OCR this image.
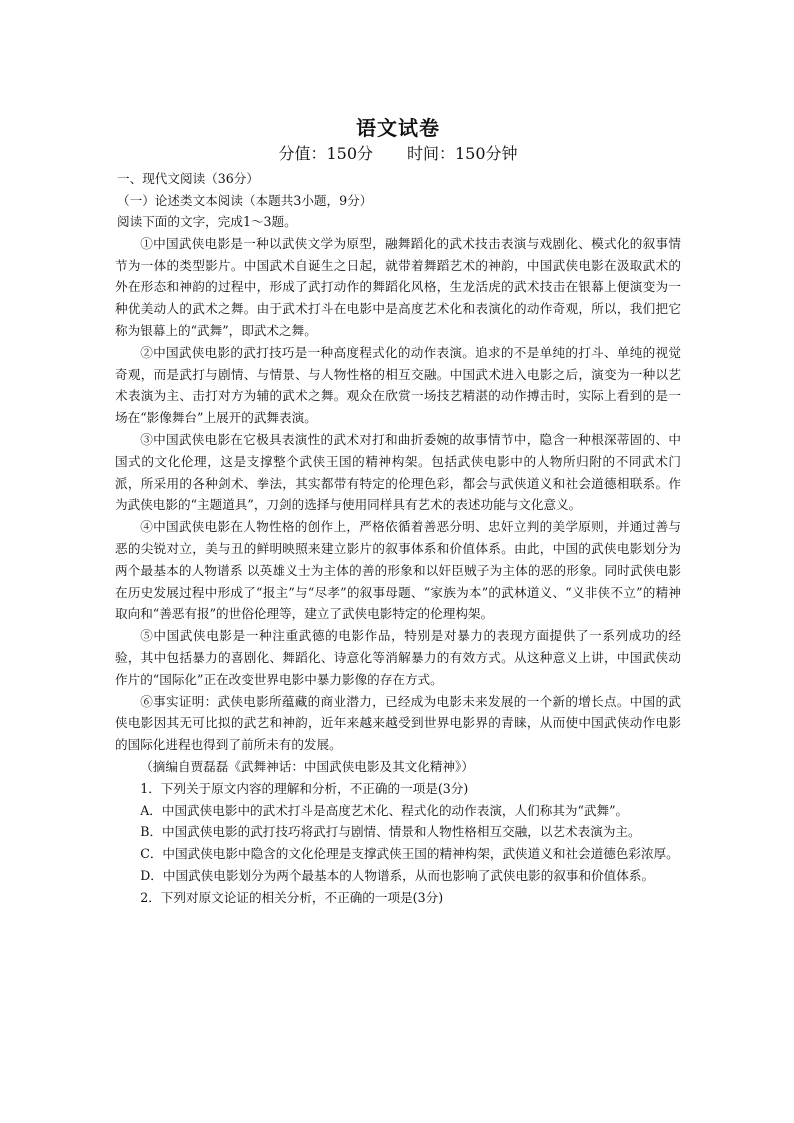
语文试卷
分值：150分 时间：150分钟

一、现代文阅读（36分）

（一）论述类文本阅读（本题共3小题，9分）

阅读下面的文字，完成1～3题。

①中国武侠电影是一种以武侠文学为原型，融舞蹈化的武术技击表演与戏剧化、模式化的叙事情节为一体的类型影片。中国武术自诞生之日起，就带着舞蹈艺术的神韵，中国武侠电影在汲取武术的外在形态和神韵的过程中，形成了武打动作的舞蹈化风格，生龙活虎的武术技击在银幕上便演变为一种优美动人的武术之舞。由于武术打斗在电影中是高度艺术化和表演化的动作奇观，所以，我们把它称为银幕上的“武舞”，即武术之舞。

②中国武侠电影的武打技巧是一种高度程式化的动作表演。追求的不是单纯的打斗、单纯的视觉奇观，而是武打与剧情、与情景、与人物性格的相互交融。中国武术进入电影之后，演变为一种以艺术表演为主、击打对方为辅的武术之舞。观众在欣赏一场技艺精湛的动作搏击时，实际上看到的是一场在“影像舞台”上展开的武舞表演。

③中国武侠电影在它极具表演性的武术对打和曲折委婉的故事情节中，隐含一种根深蒂固的、中国式的文化伦理，这是支撑整个武侠王国的精神构架。包括武侠电影中的人物所归附的不同武术门派，所采用的各种剑术、拳法，其实都带有特定的伦理色彩，都会与武侠道义和社会道德相联系。作为武侠电影的“主题道具”，刀剑的选择与使用同样具有艺术的表述功能与文化意义。

④中国武侠电影在人物性格的创作上，严格依循着善恶分明、忠奸立判的美学原则，并通过善与恶的尖锐对立，美与丑的鲜明映照来建立影片的叙事体系和价值体系。由此，中国的武侠电影划分为两个最基本的人物谱系 以英雄义士为主体的善的形象和以奸臣贼子为主体的恶的形象。同时武侠电影在历史发展过程中形成了“报主”与“尽孝”的叙事母题、“家族为本”的武林道义、“义非侠不立”的精神取向和“善恶有报”的世俗伦理等，建立了武侠电影特定的伦理构架。

⑤中国武侠电影是一种注重武德的电影作品，特别是对暴力的表现方面提供了一系列成功的经验，其中包括暴力的喜剧化、舞蹈化、诗意化等消解暴力的有效方式。从这种意义上讲，中国武侠动作片的“国际化”正在改变世界电影中暴力影像的存在方式。

⑥事实证明：武侠电影所蕴藏的商业潜力，已经成为电影未来发展的一个新的增长点。中国的武侠电影因其无可比拟的武艺和神韵，近年来越来越受到世界电影界的青睐，从而使中国武侠动作电影的国际化进程也得到了前所未有的发展。

（摘编自贾磊磊《武舞神话：中国武侠电影及其文化精神》）

1．下列关于原文内容的理解和分析，不正确的一项是(3分)

A．中国武侠电影中的武术打斗是高度艺术化、程式化的动作表演，人们称其为“武舞”。

B．中国武侠电影的武打技巧将武打与剧情、情景和人物性格相互交融，以艺术表演为主。

C．中国武侠电影中隐含的文化伦理是支撑武侠王国的精神构架，武侠道义和社会道德色彩浓厚。

D．中国武侠电影划分为两个最基本的人物谱系，从而也影响了武侠电影的叙事和价值体系。

2．下列对原文论证的相关分析，不正确的一项是(3分)
